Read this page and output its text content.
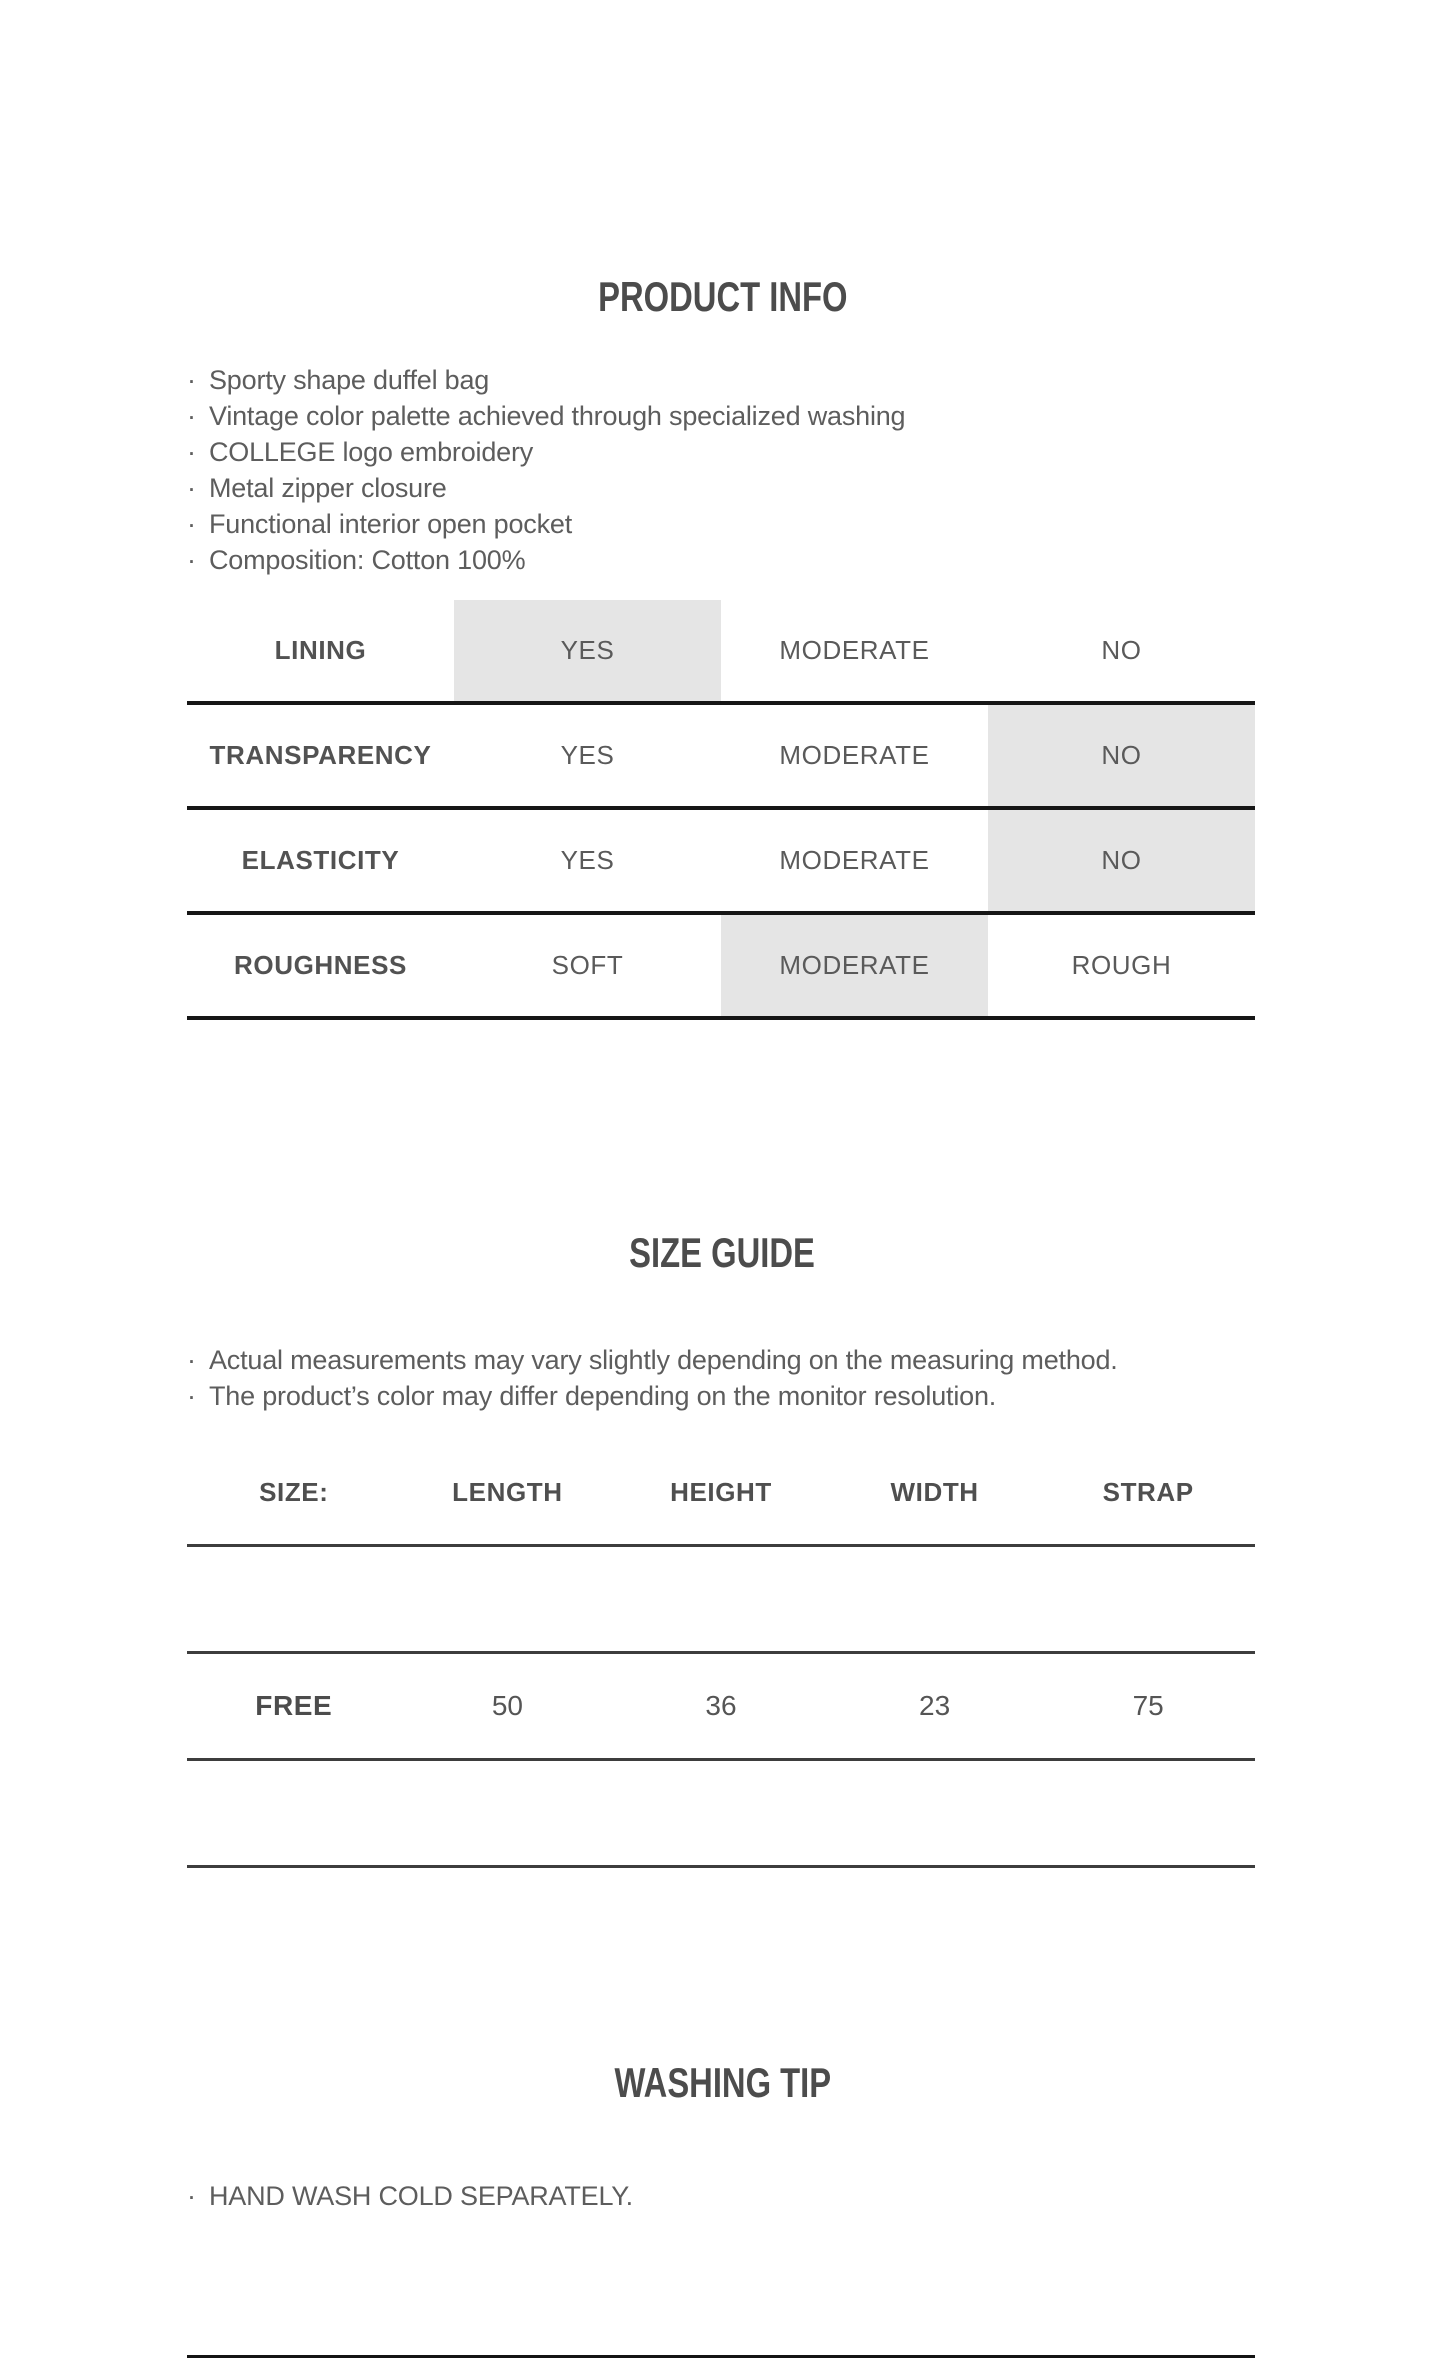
PRODUCT INFO
· Sporty shape duffel bag
· Vintage color palette achieved through specialized washing
· COLLEGE logo embroidery
· Metal zipper closure
· Functional interior open pocket
· Composition: Cotton 100%
LINING	YES	MODERATE	NO
TRANSPARENCY	YES	MODERATE	NO
ELASTICITY	YES	MODERATE	NO
ROUGHNESS	SOFT	MODERATE	ROUGH
SIZE GUIDE
· Actual measurements may vary slightly depending on the measuring method.
· The product’s color may differ depending on the monitor resolution.
SIZE:	LENGTH	HEIGHT	WIDTH	STRAP
FREE	50	36	23	75
WASHING TIP
· HAND WASH COLD SEPARATELY.
